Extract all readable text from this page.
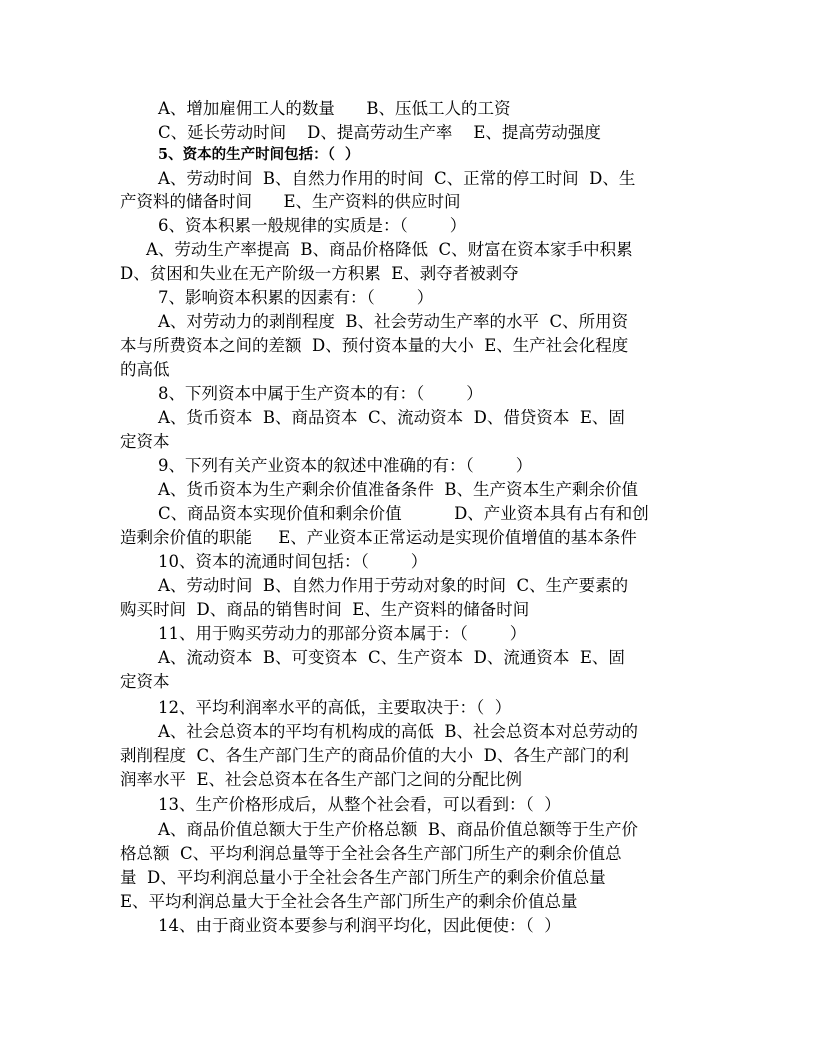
A、增加雇佣工人的数量      B、压低工人的工资
C、延长劳动时间    D、提高劳动生产率    E、提高劳动强度
5、资本的生产时间包括：（  ）
A、劳动时间  B、自然力作用的时间  C、正常的停工时间  D、生
产资料的储备时间      E、生产资料的供应时间
6、资本积累一般规律的实质是：（        ）
A、劳动生产率提高  B、商品价格降低  C、财富在资本家手中积累
D、贫困和失业在无产阶级一方积累  E、剥夺者被剥夺
7、影响资本积累的因素有：（        ）
A、对劳动力的剥削程度  B、社会劳动生产率的水平  C、所用资
本与所费资本之间的差额  D、预付资本量的大小  E、生产社会化程度
的高低
8、下列资本中属于生产资本的有：（        ）
A、货币资本  B、商品资本  C、流动资本  D、借贷资本  E、固
定资本
9、下列有关产业资本的叙述中准确的有：（        ）
A、货币资本为生产剩余价值准备条件  B、生产资本生产剩余价值
C、商品资本实现价值和剩余价值          D、产业资本具有占有和创
造剩余价值的职能     E、产业资本正常运动是实现价值增值的基本条件
10、资本的流通时间包括：（        ）
A、劳动时间  B、自然力作用于劳动对象的时间  C、生产要素的
购买时间  D、商品的销售时间  E、生产资料的储备时间
11、用于购买劳动力的那部分资本属于：（        ）
A、流动资本  B、可变资本  C、生产资本  D、流通资本  E、固
定资本
12、平均利润率水平的高低，主要取决于：（  ）
A、社会总资本的平均有机构成的高低  B、社会总资本对总劳动的
剥削程度  C、各生产部门生产的商品价值的大小  D、各生产部门的利
润率水平  E、社会总资本在各生产部门之间的分配比例
13、生产价格形成后，从整个社会看，可以看到：（  ）
A、商品价值总额大于生产价格总额  B、商品价值总额等于生产价
格总额  C、平均利润总量等于全社会各生产部门所生产的剩余价值总
量  D、平均利润总量小于全社会各生产部门所生产的剩余价值总量
E、平均利润总量大于全社会各生产部门所生产的剩余价值总量
14、由于商业资本要参与利润平均化，因此便使：（  ）
